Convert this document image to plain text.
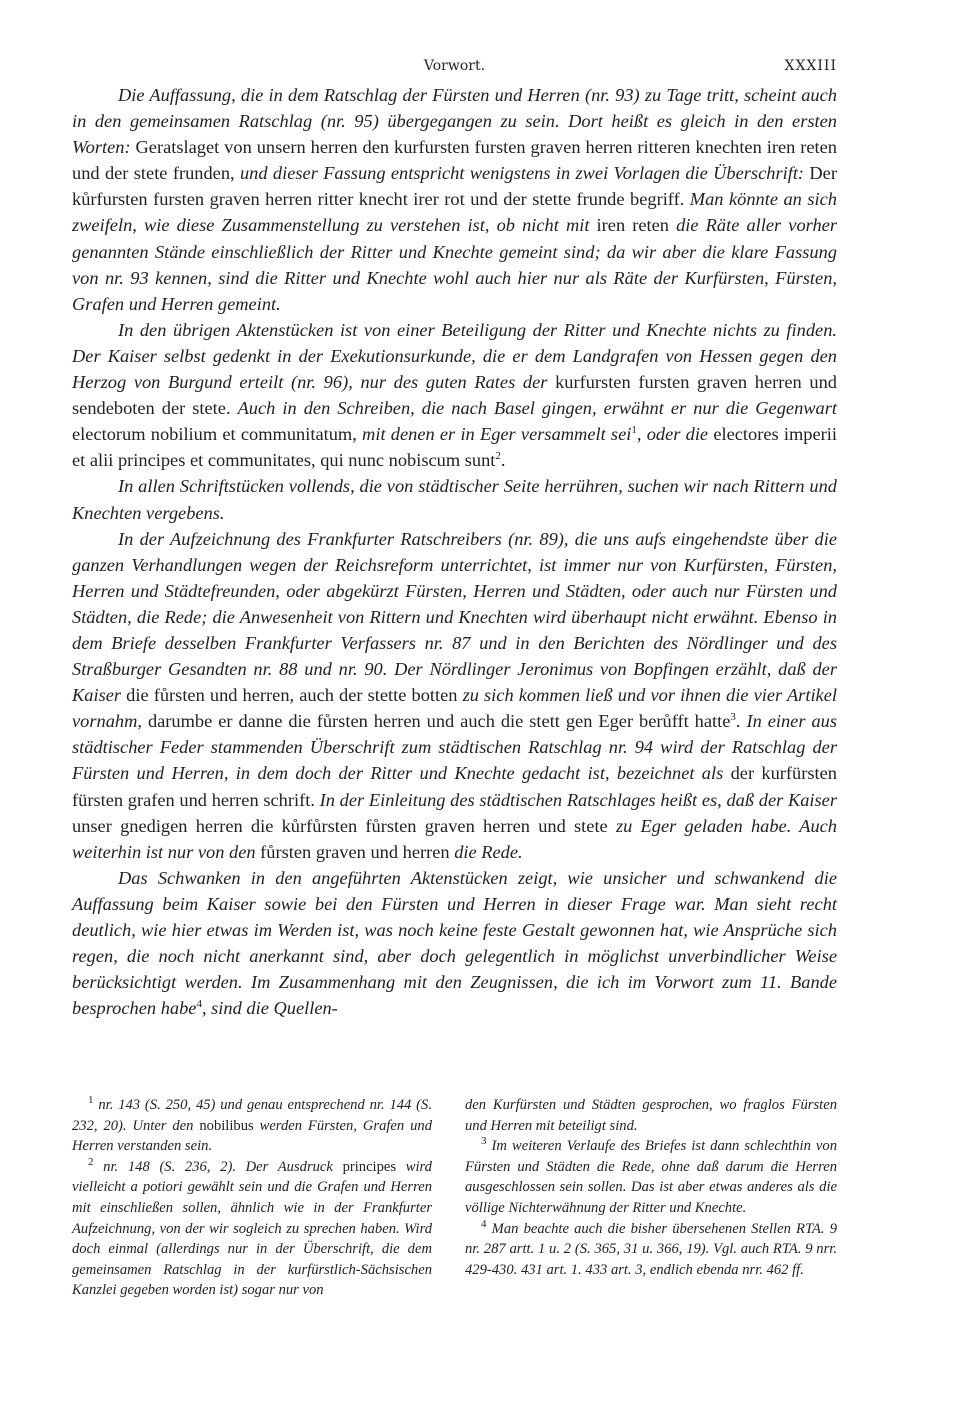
Vorwort.	XXXIII

Die Auffassung, die in dem Ratschlag der Fürsten und Herren (nr. 93) zu Tage tritt, scheint auch in den gemeinsamen Ratschlag (nr. 95) übergegangen zu sein. Dort heißt es gleich in den ersten Worten: Geratslaget von unsern herren den kurfursten fursten graven herren ritteren knechten iren reten und der stete frunden, und dieser Fassung entspricht wenigstens in zwei Vorlagen die Überschrift: Der kůrfursten fursten graven herren ritter knecht irer rot und der stette frunde begriff. Man könnte an sich zweifeln, wie diese Zusammenstellung zu verstehen ist, ob nicht mit iren reten die Räte aller vorher genannten Stände einschließlich der Ritter und Knechte gemeint sind; da wir aber die klare Fassung von nr. 93 kennen, sind die Ritter und Knechte wohl auch hier nur als Räte der Kurfürsten, Fürsten, Grafen und Herren gemeint.

In den übrigen Aktenstücken ist von einer Beteiligung der Ritter und Knechte nichts zu finden. Der Kaiser selbst gedenkt in der Exekutionsurkunde, die er dem Landgrafen von Hessen gegen den Herzog von Burgund erteilt (nr. 96), nur des guten Rates der kurfursten fursten graven herren und sendeboten der stete. Auch in den Schreiben, die nach Basel gingen, erwähnt er nur die Gegenwart electorum nobilium et communitatum, mit denen er in Eger versammelt sei$^1$, oder die electores imperii et alii principes et communitates, qui nunc nobiscum sunt$^2$.

In allen Schriftstücken vollends, die von städtischer Seite herrühren, suchen wir nach Rittern und Knechten vergebens.

In der Aufzeichnung des Frankfurter Ratschreibers (nr. 89), die uns aufs eingehendste über die ganzen Verhandlungen wegen der Reichsreform unterrichtet, ist immer nur von Kurfürsten, Fürsten, Herren und Städtefreunden, oder abgekürzt Fürsten, Herren und Städten, oder auch nur Fürsten und Städten, die Rede; die Anwesenheit von Rittern und Knechten wird überhaupt nicht erwähnt. Ebenso in dem Briefe desselben Frankfurter Verfassers nr. 87 und in den Berichten des Nördlinger und des Straßburger Gesandten nr. 88 und nr. 90. Der Nördlinger Jeronimus von Bopfingen erzählt, daß der Kaiser die fůrsten und herren, auch der stette botten zu sich kommen ließ und vor ihnen die vier Artikel vornahm, darumbe er danne die fůrsten herren und auch die stett gen Eger berůfft hatte$^3$. In einer aus städtischer Feder stammenden Überschrift zum städtischen Ratschlag nr. 94 wird der Ratschlag der Fürsten und Herren, in dem doch der Ritter und Knechte gedacht ist, bezeichnet als der kurfürsten fürsten grafen und herren schrift. In der Einleitung des städtischen Ratschlages heißt es, daß der Kaiser unser gnedigen herren die kůrfůrsten fůrsten graven herren und stete zu Eger geladen habe. Auch weiterhin ist nur von den fůrsten graven und herren die Rede.

Das Schwanken in den angeführten Aktenstücken zeigt, wie unsicher und schwankend die Auffassung beim Kaiser sowie bei den Fürsten und Herren in dieser Frage war. Man sieht recht deutlich, wie hier etwas im Werden ist, was noch keine feste Gestalt gewonnen hat, wie Ansprüche sich regen, die noch nicht anerkannt sind, aber doch gelegentlich in möglichst unverbindlicher Weise berücksichtigt werden. Im Zusammenhang mit den Zeugnissen, die ich im Vorwort zum 11. Bande besprochen habe$^4$, sind die Quellen-

$^1$ nr. 143 (S. 250, 45) und genau entsprechend nr. 144 (S. 232, 20). Unter den nobilibus werden Fürsten, Grafen und Herren verstanden sein.

$^2$ nr. 148 (S. 236, 2). Der Ausdruck principes wird vielleicht a potiori gewählt sein und die Grafen und Herren mit einschließen sollen, ähnlich wie in der Frankfurter Aufzeichnung, von der wir sogleich zu sprechen haben. Wird doch einmal (allerdings nur in der Überschrift, die dem gemeinsamen Ratschlag in der kurfürstlich-Sächsischen Kanzlei gegeben worden ist) sogar nur von

den Kurfürsten und Städten gesprochen, wo fraglos Fürsten und Herren mit beteiligt sind.

$^3$ Im weiteren Verlaufe des Briefes ist dann schlechthin von Fürsten und Städten die Rede, ohne daß darum die Herren ausgeschlossen sein sollen. Das ist aber etwas anderes als die völlige Nichterwähnung der Ritter und Knechte.

$^4$ Man beachte auch die bisher übersehenen Stellen RTA. 9 nr. 287 artt. 1 u. 2 (S. 365, 31 u. 366, 19). Vgl. auch RTA. 9 nrr. 429-430. 431 art. 1. 433 art. 3, endlich ebenda nrr. 462 ff.
